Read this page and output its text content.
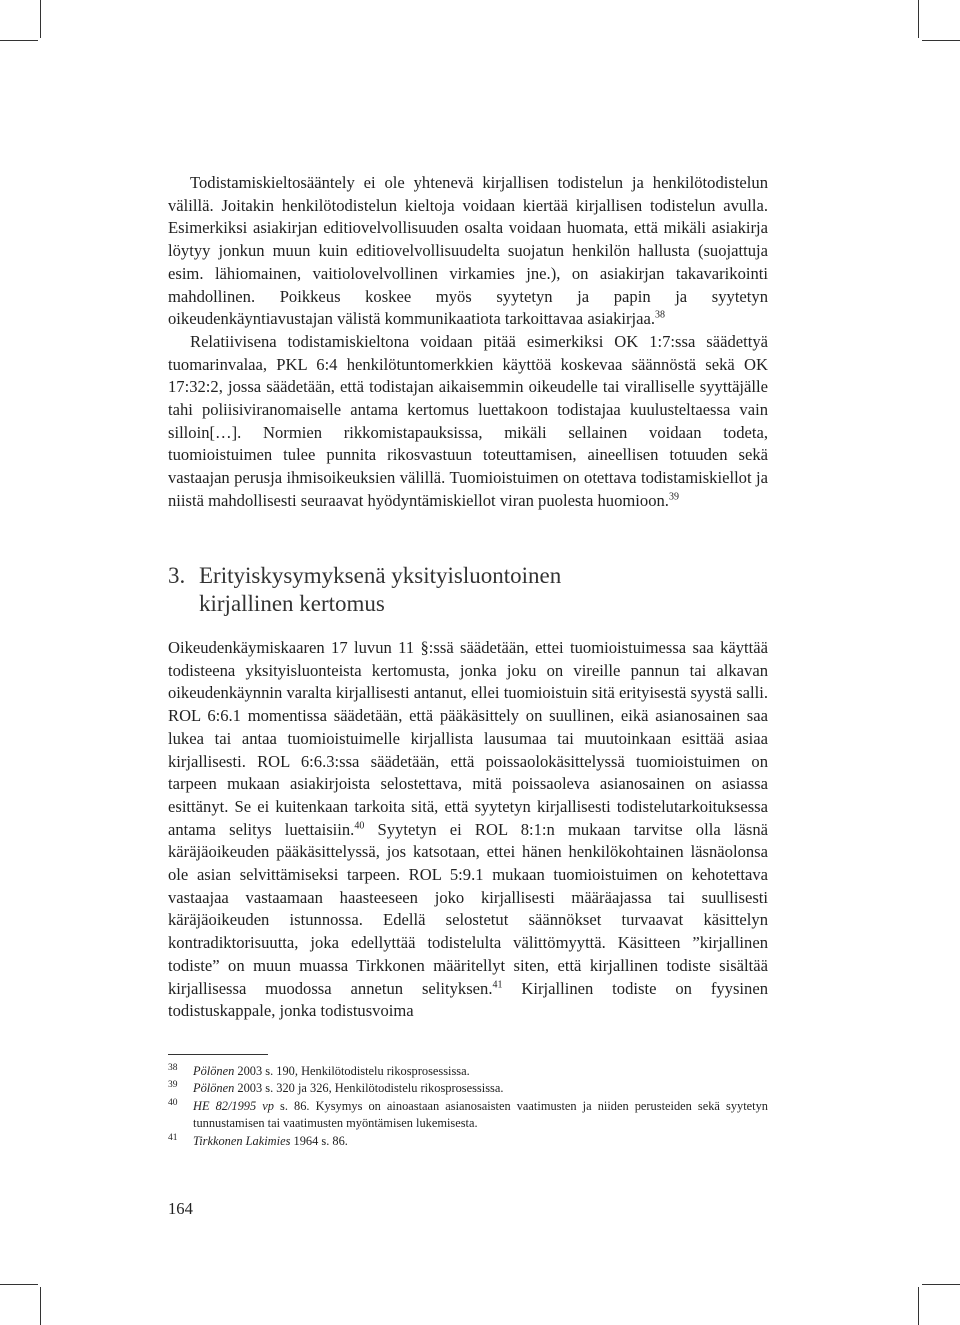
Todistamiskieltosääntely ei ole yhtenevä kirjallisen todistelun ja henkilötodistelun välillä. Joitakin henkilötodistelun kieltoja voidaan kiertää kirjallisen todistelun avulla. Esimerkiksi asiakirjan editiovelvollisuuden osalta voidaan huomata, että mikäli asiakirja löytyy jonkun muun kuin editiovelvollisuudelta suojatun henkilön hallusta (suojattuja esim. lähiomainen, vaitiolovelvollinen virkamies jne.), on asiakirjan takavarikointi mahdollinen. Poikkeus koskee myös syytetyn ja papin ja syytetyn oikeudenkäyntiavustajan välistä kommunikaatiota tarkoittavaa asiakirjaa.$^{38}$

Relatiivisena todistamiskieltona voidaan pitää esimerkiksi OK 1:7:ssa säädettyä tuomarinvalaa, PKL 6:4 henkilötuntomerkkien käyttöä koskevaa säännöstä sekä OK 17:32:2, jossa säädetään, että todistajan aikaisemmin oikeudelle tai viralliselle syyttäjälle tahi poliisiviranomaiselle antama kertomus luettakoon todistajaa kuulusteltaessa vain silloin[…]. Normien rikkomistapauksissa, mikäli sellainen voidaan todeta, tuomioistuimen tulee punnita rikosvastuun toteuttamisen, aineellisen totuuden sekä vastaajan perusja ihmisoikeuksien välillä. Tuomioistuimen on otettava todistamiskiellot ja niistä mahdollisesti seuraavat hyödyntämiskiellot viran puolesta huomioon.$^{39}$

3. Erityiskysymyksenä yksityisluontoinen
kirjallinen kertomus

Oikeudenkäymiskaaren 17 luvun 11 §:ssä säädetään, ettei tuomioistuimessa saa käyttää todisteena yksityisluonteista kertomusta, jonka joku on vireille pannun tai alkavan oikeudenkäynnin varalta kirjallisesti antanut, ellei tuomioistuin sitä erityisestä syystä salli. ROL 6:6.1 momentissa säädetään, että pääkäsittely on suullinen, eikä asianosainen saa lukea tai antaa tuomioistuimelle kirjallista lausumaa tai muutoinkaan esittää asiaa kirjallisesti. ROL 6:6.3:ssa säädetään, että poissaolokäsittelyssä tuomioistuimen on tarpeen mukaan asiakirjoista selostettava, mitä poissaoleva asianosainen on asiassa esittänyt. Se ei kuitenkaan tarkoita sitä, että syytetyn kirjallisesti todistelutarkoituksessa antama selitys luettaisiin.$^{40}$ Syytetyn ei ROL 8:1:n mukaan tarvitse olla läsnä käräjäoikeuden pääkäsittelyssä, jos katsotaan, ettei hänen henkilökohtainen läsnäolonsa ole asian selvittämiseksi tarpeen. ROL 5:9.1 mukaan tuomioistuimen on kehotettava vastaajaa vastaamaan haasteeseen joko kirjallisesti määräajassa tai suullisesti käräjäoikeuden istunnossa. Edellä selostetut säännökset turvaavat käsittelyn kontradiktorisuutta, joka edellyttää todistelulta välittömyyttä. Käsitteen ”kirjallinen todiste” on muun muassa Tirkkonen määritellyt siten, että kirjallinen todiste sisältää kirjallisessa muodossa annetun selityksen.$^{41}$ Kirjallinen todiste on fyysinen todistuskappale, jonka todistusvoima

38	Pölönen 2003 s. 190, Henkilötodistelu rikosprosessissa.
39	Pölönen 2003 s. 320 ja 326, Henkilötodistelu rikosprosessissa.
40	HE 82/1995 vp s. 86. Kysymys on ainoastaan asianosaisten vaatimusten ja niiden perusteiden sekä syytetyn tunnustamisen tai vaatimusten myöntämisen lukemisesta.
41	Tirkkonen Lakimies 1964 s. 86.
164
